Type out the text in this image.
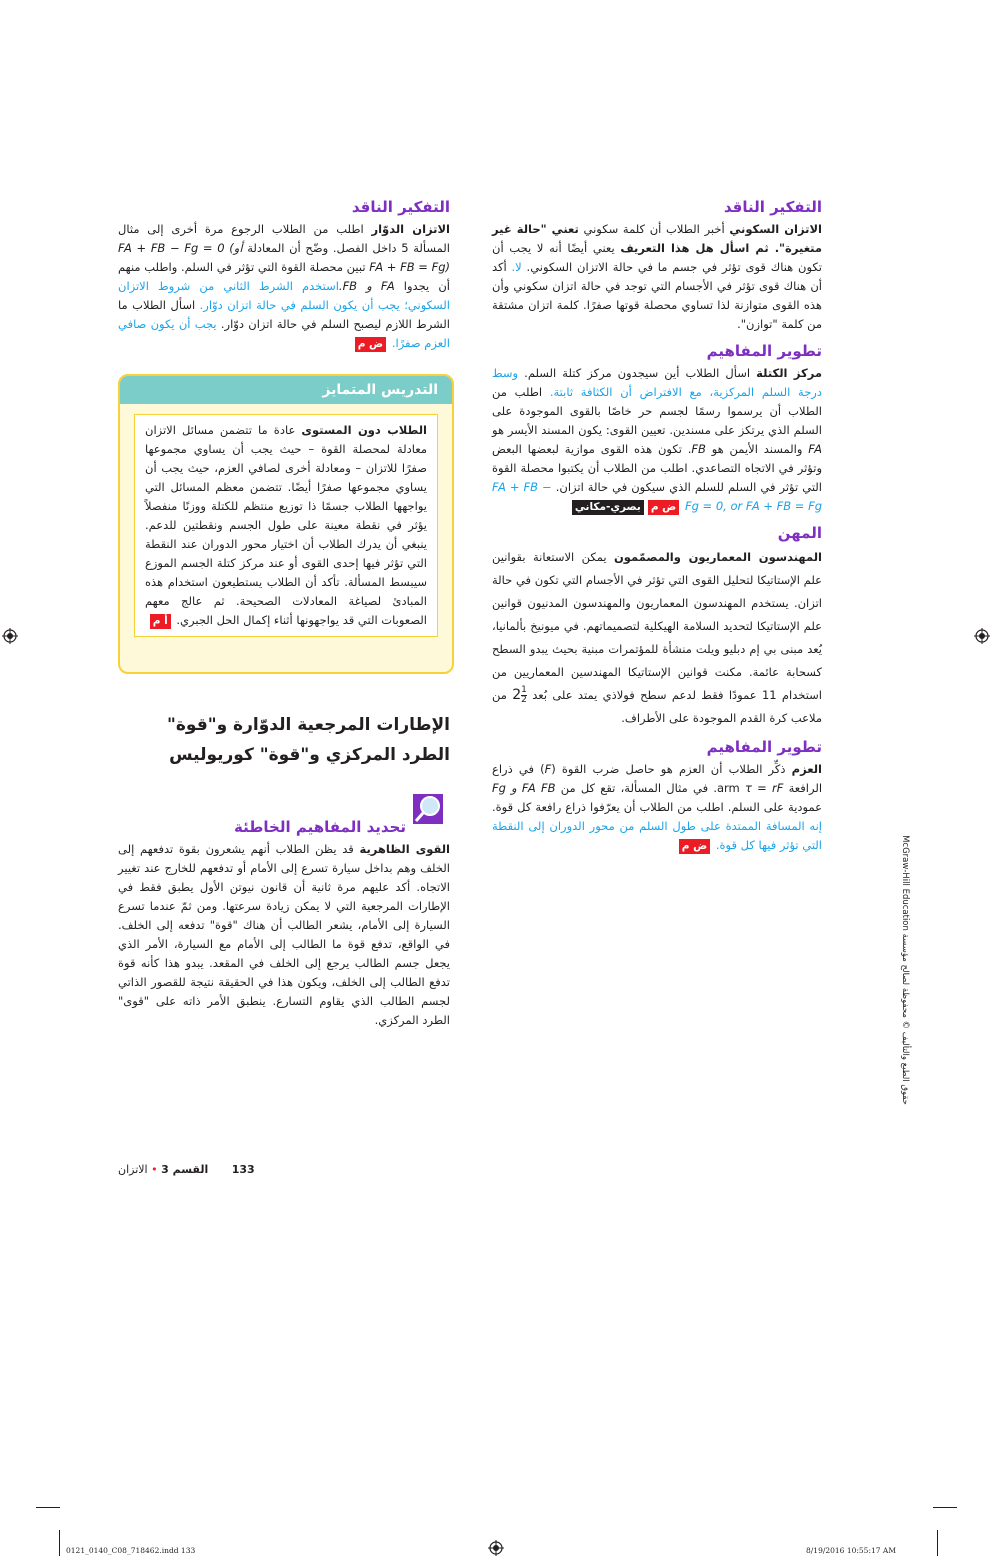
التفكير الناقد

الاتزان السكوني أخبر الطلاب أن كلمة سكوني تعني "حالة غير متغيرة". ثم اسأل هل هذا التعريف يعني أيضًا أنه لا يجب أن تكون هناك قوى تؤثر في جسم ما في حالة الاتزان السكوني. لا. أكد أن هناك قوى تؤثر في الأجسام التي توجد في حالة اتزان سكوني وأن هذه القوى متوازنة لذا تساوي محصلة قوتها صفرًا. كلمة اتزان مشتقة من كلمة "توازن".

تطوير المفاهيم

مركز الكتلة اسأل الطلاب أين سيجدون مركز كتلة السلم. وسط درجة السلم المركزية، مع الافتراض أن الكثافة ثابتة. اطلب من الطلاب أن يرسموا رسمًا لجسم حر خاصًا بالقوى الموجودة على السلم الذي يرتكز على مسندين. تعيين القوى: يكون المسند الأيسر هو FA والمسند الأيمن هو FB. تكون هذه القوى موازية لبعضها البعض وتؤثر في الاتجاه التصاعدي. اطلب من الطلاب أن يكتبوا محصلة القوة التي تؤثر في السلم للسلم الذي سيكون في حالة اتزان. FA + FB − Fg = 0, or FA + FB = Fg ض مبصري-مكاني

المهن

المهندسون المعماريون والمصمّمون يمكن الاستعانة بقوانين علم الإستاتيكا لتحليل القوى التي تؤثر في الأجسام التي تكون في حالة اتزان. يستخدم المهندسون المعماريون والمهندسون المدنيون قوانين علم الإستاتيكا لتحديد السلامة الهيكلية لتصميماتهم. في ميونيخ بألمانيا، يُعد مبنى بي إم دبليو ويلت منشأة للمؤتمرات مبنية بحيث يبدو السطح كسحابة عائمة. مكنت قوانين الإستاتيكا المهندسين المعماريين من استخدام 11 عمودًا فقط لدعم سطح فولاذي يمتد على بُعد $2 \frac{1}{2}$
من ملاعب كرة القدم الموجودة على الأطراف.

تطوير المفاهيم

العزم ذكِّر الطلاب أن العزم هو حاصل ضرب القوة (F) في ذراع الرافعة τ = rF arm. في مثال المسألة، تقع كل من FA FB و Fg عمودية على السلم. اطلب من الطلاب أن يعرّفوا ذراع رافعة كل قوة. إنه المسافة الممتدة على طول السلم من محور الدوران إلى النقطة التي تؤثر فيها كل قوة. ض م

التفكير الناقد

الاتزان الدوّار اطلب من الطلاب الرجوع مرة أخرى إلى مثال المسألة 5 داخل الفصل. وضّح أن المعادلة FA + FB − Fg = 0 (أو FA + FB = Fg) تبين محصلة القوة التي تؤثر في السلم. واطلب منهم أن يجدوا FA و FB.استخدم الشرط الثاني من شروط الاتزان السكوني؛ يجب أن يكون السلم في حالة اتزان دوّار. اسأل الطلاب ما الشرط اللازم ليصبح السلم في حالة اتزان دوّار. يجب أن يكون صافي العزم صفرًا. ض م

التدريس المتمايز
الطلاب دون المستوى عادة ما تتضمن مسائل الاتزان معادلة لمحصلة القوة – حيث يجب أن يساوي مجموعها صفرًا للاتزان – ومعادلة أخرى لصافي العزم، حيث يجب أن يساوي مجموعها صفرًا أيضًا. تتضمن معظم المسائل التي يواجهها الطلاب جسمًا ذا توزيع منتظم للكتلة ووزنًا منفصلاً يؤثر في نقطة معينة على طول الجسم ونقطتين للدعم. ينبغي أن يدرك الطلاب أن اختيار محور الدوران عند النقطة التي تؤثر فيها إحدى القوى أو عند مركز كتلة الجسم الموزع سيبسط المسألة. تأكد أن الطلاب يستطيعون استخدام هذه المبادئ لصياغة المعادلات الصحيحة. ثم عالج معهم الصعوبات التي قد يواجهونها أثناء إكمال الحل الجبري. أ م
الإطارات المرجعية الدوّارة و"قوة" الطرد المركزي و"قوة" كوريوليس
تحديد المفاهيم الخاطئة

القوى الظاهرية قد يظن الطلاب أنهم يشعرون بقوة تدفعهم إلى الخلف وهم بداخل سيارة تسرع إلى الأمام أو تدفعهم للخارج عند تغيير الاتجاه. أكد عليهم مرة ثانية أن قانون نيوتن الأول يطبق فقط في الإطارات المرجعية التي لا يمكن زيادة سرعتها. ومن ثمّ عندما تسرع السيارة إلى الأمام، يشعر الطالب أن هناك "قوة" تدفعه إلى الخلف. في الواقع، تدفع قوة ما الطالب إلى الأمام مع السيارة، الأمر الذي يجعل جسم الطالب يرجع إلى الخلف في المقعد. يبدو هذا كأنه قوة تدفع الطالب إلى الخلف، ويكون هذا في الحقيقة نتيجة للقصور الذاتي لجسم الطالب الذي يقاوم التسارع. ينطبق الأمر ذاته على "قوى" الطرد المركزي.

حقوق الطبع والتأليف © محفوظة لصالح مؤسسة McGraw-Hill Education
133 القسم 3 • الاتزان
0121_0140_C08_718462.indd 133	8/19/2016 10:55:17 AM
